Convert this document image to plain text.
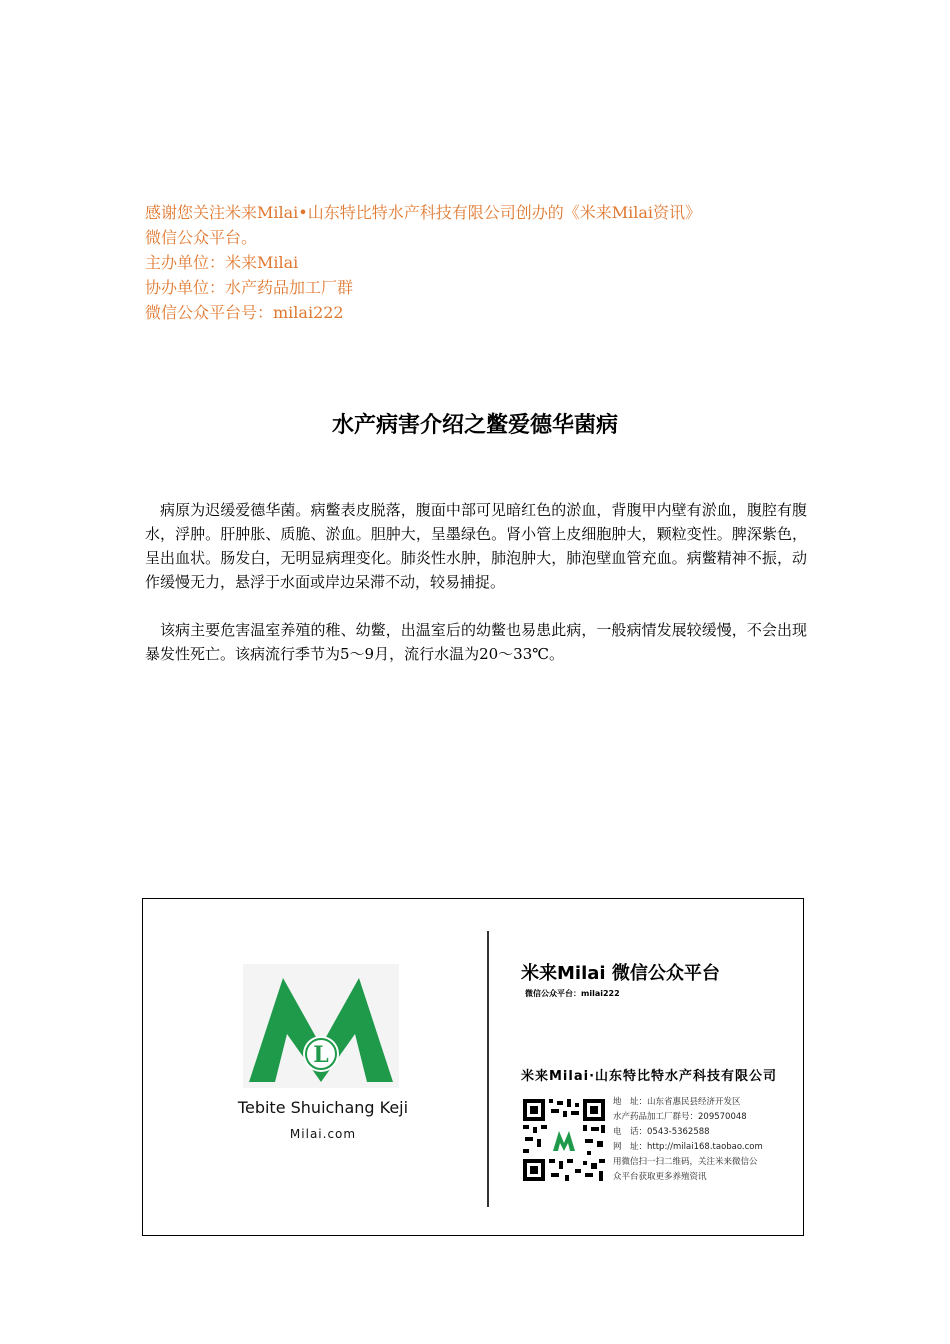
感谢您关注米来Milai•山东特比特水产科技有限公司创办的《米来Milai资讯》

微信公众平台。

主办单位：米来Milai

协办单位：水产药品加工厂群

微信公众平台号：milai222

水产病害介绍之鳖爱德华菌病

病原为迟缓爱德华菌。病鳖表皮脱落，腹面中部可见暗红色的淤血，背腹甲内壁有淤血，腹腔有腹水，浮肿。肝肿胀、质脆、淤血。胆肿大，呈墨绿色。肾小管上皮细胞肿大，颗粒变性。脾深紫色，呈出血状。肠发白，无明显病理变化。肺炎性水肿，肺泡肿大，肺泡壁血管充血。病鳖精神不振，动作缓慢无力，悬浮于水面或岸边呆滞不动，较易捕捉。

该病主要危害温室养殖的稚、幼鳖，出温室后的幼鳖也易患此病，一般病情发展较缓慢，不会出现暴发性死亡。该病流行季节为5～9月，流行水温为20～33℃。

L
Tebite Shuichang Keji
Milai.com
米来Milai 微信公众平台
微信公众平台：milai222
米来Milai·山东特比特水产科技有限公司
地　址：山东省惠民县经济开发区
水产药品加工厂群号：209570048
电　话：0543-5362588
网　址：http://milai168.taobao.com
用微信扫一扫二维码，关注米来微信公
众平台获取更多养殖资讯
